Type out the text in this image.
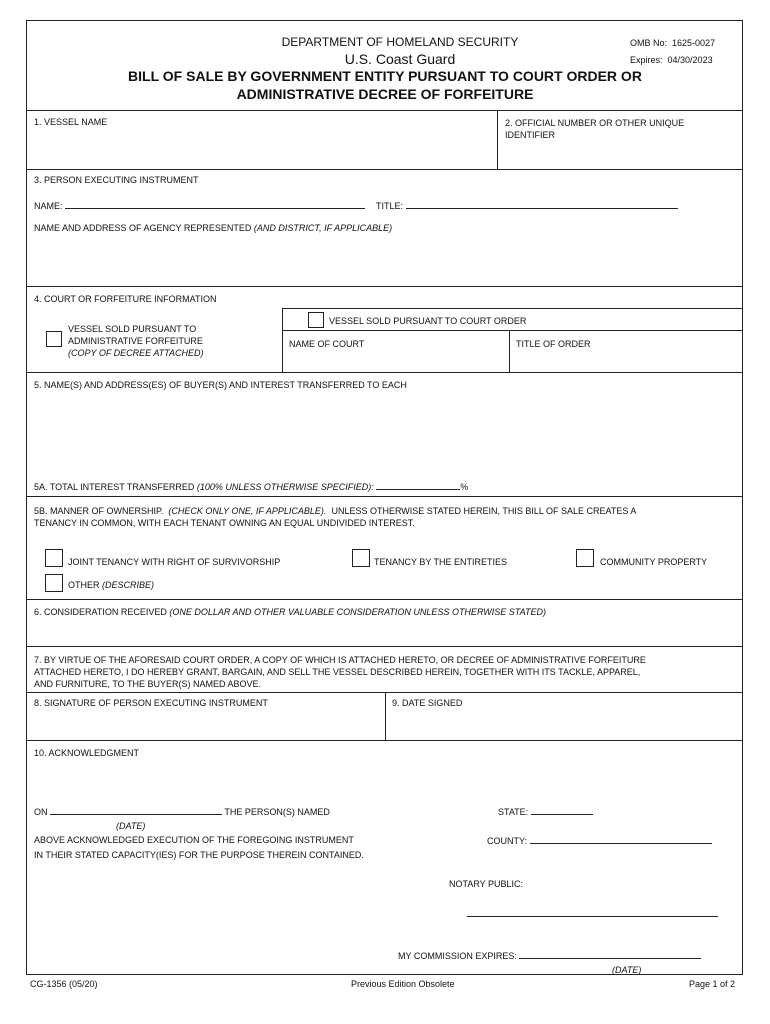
DEPARTMENT OF HOMELAND SECURITY
U.S. Coast Guard
BILL OF SALE BY GOVERNMENT ENTITY PURSUANT TO COURT ORDER OR
ADMINISTRATIVE DECREE OF FORFEITURE
OMB No: 1625-0027
Expires: 04/30/2023
1. VESSEL NAME	2. OFFICIAL NUMBER OR OTHER UNIQUE
IDENTIFIER
3. PERSON EXECUTING INSTRUMENT
NAME:	TITLE:
NAME AND ADDRESS OF AGENCY REPRESENTED (AND DISTRICT, IF APPLICABLE)
4. COURT OR FORFEITURE INFORMATION
VESSEL SOLD PURSUANT TO
ADMINISTRATIVE FORFEITURE
(COPY OF DECREE ATTACHED)
VESSEL SOLD PURSUANT TO COURT ORDER
NAME OF COURT	TITLE OF ORDER
5. NAME(S) AND ADDRESS(ES) OF BUYER(S) AND INTEREST TRANSFERRED TO EACH
5A. TOTAL INTEREST TRANSFERRED (100% UNLESS OTHERWISE SPECIFIED):	%
5B. MANNER OF OWNERSHIP. (CHECK ONLY ONE, IF APPLICABLE). UNLESS OTHERWISE STATED HEREIN, THIS BILL OF SALE CREATES A
TENANCY IN COMMON, WITH EACH TENANT OWNING AN EQUAL UNDIVIDED INTEREST.
JOINT TENANCY WITH RIGHT OF SURVIVORSHIP	TENANCY BY THE ENTIRETIES	COMMUNITY PROPERTY
OTHER (DESCRIBE)
6. CONSIDERATION RECEIVED (ONE DOLLAR AND OTHER VALUABLE CONSIDERATION UNLESS OTHERWISE STATED)
7. BY VIRTUE OF THE AFORESAID COURT ORDER, A COPY OF WHICH IS ATTACHED HERETO, OR DECREE OF ADMINISTRATIVE FORFEITURE
ATTACHED HERETO, I DO HEREBY GRANT, BARGAIN, AND SELL THE VESSEL DESCRIBED HEREIN, TOGETHER WITH ITS TACKLE, APPAREL,
AND FURNITURE, TO THE BUYER(S) NAMED ABOVE.
8. SIGNATURE OF PERSON EXECUTING INSTRUMENT	9. DATE SIGNED
10. ACKNOWLEDGMENT
ON	THE PERSON(S) NAMED
(DATE)
ABOVE ACKNOWLEDGED EXECUTION OF THE FOREGOING INSTRUMENT
IN THEIR STATED CAPACITY(IES) FOR THE PURPOSE THEREIN CONTAINED.
STATE:
COUNTY:
NOTARY PUBLIC:
MY COMMISSION EXPIRES:
(DATE)
CG-1356 (05/20)	Previous Edition Obsolete	Page 1 of 2
